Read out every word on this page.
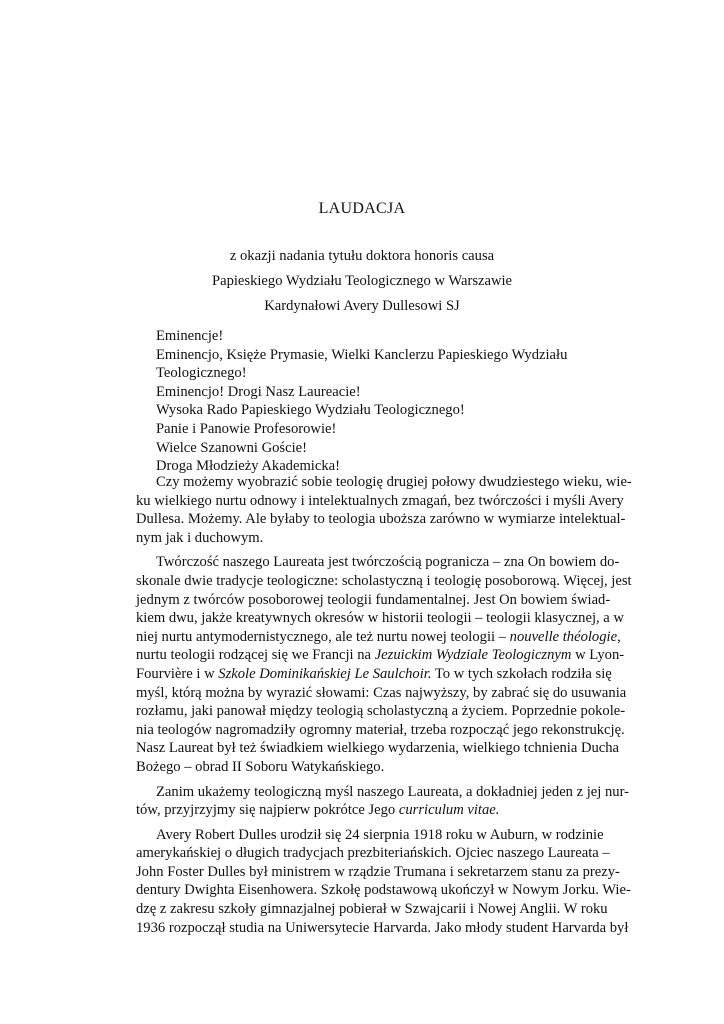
LAUDACJA
z okazji nadania tytułu doktora honoris causa
Papieskiego Wydziału Teologicznego w Warszawie
Kardynałowi Avery Dullesowi SJ
Eminencje!
Eminencjo, Księże Prymasie, Wielki Kanclerzu Papieskiego Wydziału
Teologicznego!
Eminencjo! Drogi Nasz Laureacie!
Wysoka Rado Papieskiego Wydziału Teologicznego!
Panie i Panowie Profesorowie!
Wielce Szanowni Goście!
Droga Młodzieży Akademicka!
Czy możemy wyobrazić sobie teologię drugiej połowy dwudziestego wieku, wie-
ku wielkiego nurtu odnowy i intelektualnych zmagań, bez twórczości i myśli Avery
Dullesa. Możemy. Ale byłaby to teologia uboższa zarówno w wymiarze intelektual-
nym jak i duchowym.
Twórczość naszego Laureata jest twórczością pogranicza – zna On bowiem do-
skonale dwie tradycje teologiczne: scholastyczną i teologię posoborową. Więcej, jest
jednym z twórców posoborowej teologii fundamentalnej. Jest On bowiem świad-
kiem dwu, jakże kreatywnych okresów w historii teologii – teologii klasycznej, a w
niej nurtu antymodernistycznego, ale też nurtu nowej teologii – nouvelle théologie,
nurtu teologii rodzącej się we Francji na Jezuickim Wydziale Teologicznym w Lyon-
Fourvière i w Szkole Dominikańskiej Le Saulchoir. To w tych szkołach rodziła się
myśl, którą można by wyrazić słowami: Czas najwyższy, by zabrać się do usuwania
rozłamu, jaki panował między teologią scholastyczną a życiem. Poprzednie pokole-
nia teologów nagromadziły ogromny materiał, trzeba rozpocząć jego rekonstrukcję.
Nasz Laureat był też świadkiem wielkiego wydarzenia, wielkiego tchnienia Ducha
Bożego – obrad II Soboru Watykańskiego.
Zanim ukażemy teologiczną myśl naszego Laureata, a dokładniej jeden z jej nur-
tów, przyjrzyjmy się najpierw pokrótce Jego curriculum vitae.
Avery Robert Dulles urodził się 24 sierpnia 1918 roku w Auburn, w rodzinie
amerykańskiej o długich tradycjach prezbiteriańskich. Ojciec naszego Laureata –
John Foster Dulles był ministrem w rządzie Trumana i sekretarzem stanu za prezy-
dentury Dwighta Eisenhowera. Szkołę podstawową ukończył w Nowym Jorku. Wie-
dzę z zakresu szkoły gimnazjalnej pobierał w Szwajcarii i Nowej Anglii. W roku
1936 rozpoczął studia na Uniwersytecie Harvarda. Jako młody student Harvarda był
